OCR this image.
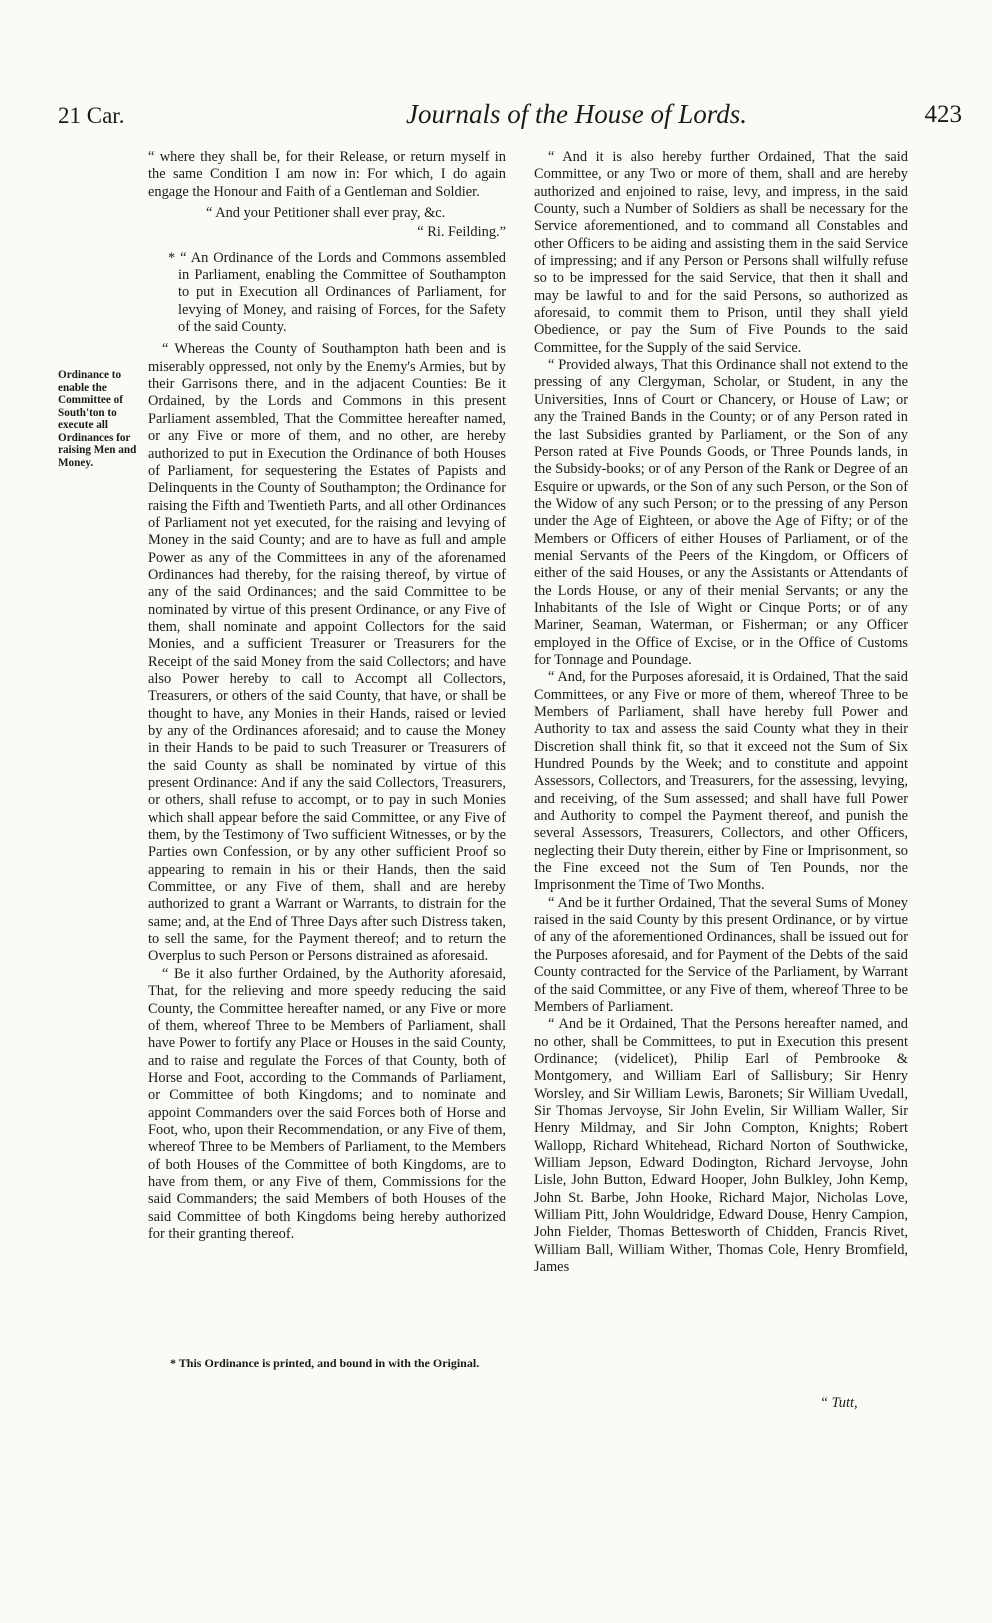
21 Car.	Journals of the House of Lords.	423
Ordinance to enable the Committee of South'ton to execute all Ordinances for raising Men and Money.

“ where they shall be, for their Release, or return myself in the same Condition I am now in: For which, I do again engage the Honour and Faith of a Gentleman and Soldier.

“ And your Petitioner shall ever pray, &c.

“ Ri. Feilding.”

* “ An Ordinance of the Lords and Commons assembled in Parliament, enabling the Committee of Southampton to put in Execution all Ordinances of Parliament, for levying of Money, and raising of Forces, for the Safety of the said County.

“ Whereas the County of Southampton hath been and is miserably oppressed, not only by the Enemy's Armies, but by their Garrisons there, and in the adjacent Counties: Be it Ordained, by the Lords and Commons in this present Parliament assembled, That the Committee hereafter named, or any Five or more of them, and no other, are hereby authorized to put in Execution the Ordinance of both Houses of Parliament, for sequestering the Estates of Papists and Delinquents in the County of Southampton; the Ordinance for raising the Fifth and Twentieth Parts, and all other Ordinances of Parliament not yet executed, for the raising and levying of Money in the said County; and are to have as full and ample Power as any of the Committees in any of the aforenamed Ordinances had thereby, for the raising thereof, by virtue of any of the said Ordinances; and the said Committee to be nominated by virtue of this present Ordinance, or any Five of them, shall nominate and appoint Collectors for the said Monies, and a sufficient Treasurer or Treasurers for the Receipt of the said Money from the said Collectors; and have also Power hereby to call to Accompt all Collectors, Treasurers, or others of the said County, that have, or shall be thought to have, any Monies in their Hands, raised or levied by any of the Ordinances aforesaid; and to cause the Money in their Hands to be paid to such Treasurer or Treasurers of the said County as shall be nominated by virtue of this present Ordinance: And if any the said Collectors, Treasurers, or others, shall refuse to accompt, or to pay in such Monies which shall appear before the said Committee, or any Five of them, by the Testimony of Two sufficient Witnesses, or by the Parties own Confession, or by any other sufficient Proof so appearing to remain in his or their Hands, then the said Committee, or any Five of them, shall and are hereby authorized to grant a Warrant or Warrants, to distrain for the same; and, at the End of Three Days after such Distress taken, to sell the same, for the Payment thereof; and to return the Overplus to such Person or Persons distrained as aforesaid.

“ Be it also further Ordained, by the Authority aforesaid, That, for the relieving and more speedy reducing the said County, the Committee hereafter named, or any Five or more of them, whereof Three to be Members of Parliament, shall have Power to fortify any Place or Houses in the said County, and to raise and regulate the Forces of that County, both of Horse and Foot, according to the Commands of Parliament, or Committee of both Kingdoms; and to nominate and appoint Commanders over the said Forces both of Horse and Foot, who, upon their Recommendation, or any Five of them, whereof Three to be Members of Parliament, to the Members of both Houses of the Committee of both Kingdoms, are to have from them, or any Five of them, Commissions for the said Commanders; the said Members of both Houses of the said Committee of both Kingdoms being hereby authorized for their granting thereof.

“ And it is also hereby further Ordained, That the said Committee, or any Two or more of them, shall and are hereby authorized and enjoined to raise, levy, and impress, in the said County, such a Number of Soldiers as shall be necessary for the Service aforementioned, and to command all Constables and other Officers to be aiding and assisting them in the said Service of impressing; and if any Person or Persons shall wilfully refuse so to be impressed for the said Service, that then it shall and may be lawful to and for the said Persons, so authorized as aforesaid, to commit them to Prison, until they shall yield Obedience, or pay the Sum of Five Pounds to the said Committee, for the Supply of the said Service.

“ Provided always, That this Ordinance shall not extend to the pressing of any Clergyman, Scholar, or Student, in any the Universities, Inns of Court or Chancery, or House of Law; or any the Trained Bands in the County; or of any Person rated in the last Subsidies granted by Parliament, or the Son of any Person rated at Five Pounds Goods, or Three Pounds lands, in the Subsidy-books; or of any Person of the Rank or Degree of an Esquire or upwards, or the Son of any such Person, or the Son of the Widow of any such Person; or to the pressing of any Person under the Age of Eighteen, or above the Age of Fifty; or of the Members or Officers of either Houses of Parliament, or of the menial Servants of the Peers of the Kingdom, or Officers of either of the said Houses, or any the Assistants or Attendants of the Lords House, or any of their menial Servants; or any the Inhabitants of the Isle of Wight or Cinque Ports; or of any Mariner, Seaman, Waterman, or Fisherman; or any Officer employed in the Office of Excise, or in the Office of Customs for Tonnage and Poundage.

“ And, for the Purposes aforesaid, it is Ordained, That the said Committees, or any Five or more of them, whereof Three to be Members of Parliament, shall have hereby full Power and Authority to tax and assess the said County what they in their Discretion shall think fit, so that it exceed not the Sum of Six Hundred Pounds by the Week; and to constitute and appoint Assessors, Collectors, and Treasurers, for the assessing, levying, and receiving, of the Sum assessed; and shall have full Power and Authority to compel the Payment thereof, and punish the several Assessors, Treasurers, Collectors, and other Officers, neglecting their Duty therein, either by Fine or Imprisonment, so the Fine exceed not the Sum of Ten Pounds, nor the Imprisonment the Time of Two Months.

“ And be it further Ordained, That the several Sums of Money raised in the said County by this present Ordinance, or by virtue of any of the aforementioned Ordinances, shall be issued out for the Purposes aforesaid, and for Payment of the Debts of the said County contracted for the Service of the Parliament, by Warrant of the said Committee, or any Five of them, whereof Three to be Members of Parliament.

“ And be it Ordained, That the Persons hereafter named, and no other, shall be Committees, to put in Execution this present Ordinance; (videlicet), Philip Earl of Pembrooke & Montgomery, and William Earl of Sallisbury; Sir Henry Worsley, and Sir William Lewis, Baronets; Sir William Uvedall, Sir Thomas Jervoyse, Sir John Evelin, Sir William Waller, Sir Henry Mildmay, and Sir John Compton, Knights; Robert Wallopp, Richard Whitehead, Richard Norton of Southwicke, William Jepson, Edward Dodington, Richard Jervoyse, John Lisle, John Button, Edward Hooper, John Bulkley, John Kemp, John St. Barbe, John Hooke, Richard Major, Nicholas Love, William Pitt, John Wouldridge, Edward Douse, Henry Campion, John Fielder, Thomas Bettesworth of Chidden, Francis Rivet, William Ball, William Wither, Thomas Cole, Henry Bromfield, James

* This Ordinance is printed, and bound in with the Original.
“ Tutt,
